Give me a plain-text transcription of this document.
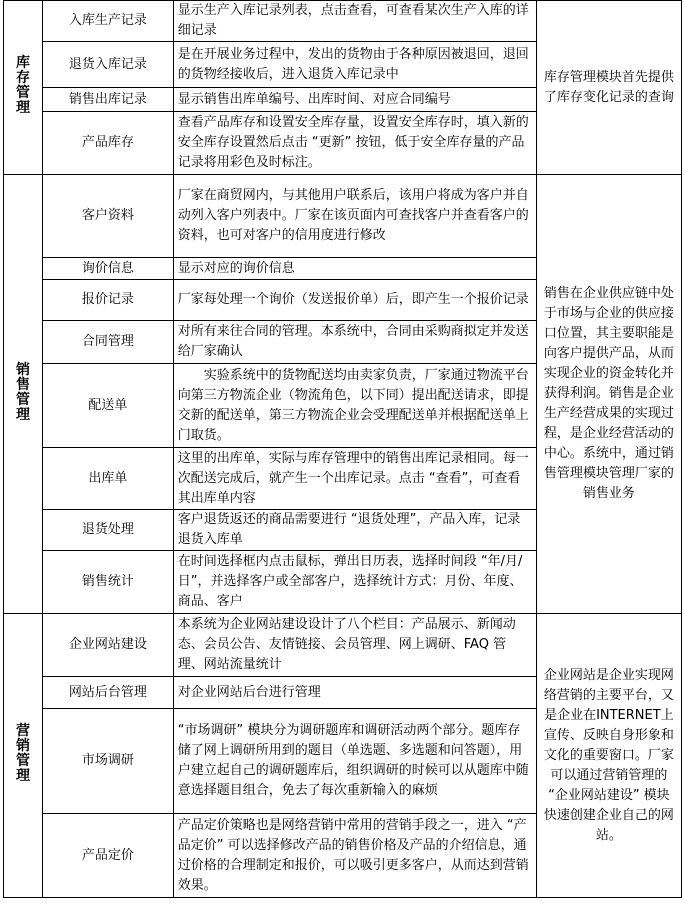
库存管理	入库生产记录	显示生产入库记录列表，点击查看，可查看某次生产入库的详细记录	库存管理模块首先提供了库存变化记录的查询
	退货入库记录	是在开展业务过程中，发出的货物由于各种原因被退回，退回的货物经接收后，进入退货入库记录中	
	销售出库记录	显示销售出库单编号、出库时间、对应合同编号	
	产品库存	查看产品库存和设置安全库存量，设置安全库存时，填入新的安全库存设置然后点击 “更新” 按钮，低于安全库存量的产品记录将用彩色及时标注。	
销售管理	客户资料	厂家在商贸网内，与其他用户联系后，该用户将成为客户并自动列入客户列表中。厂家在该页面内可查找客户并查看客户的资料，也可对客户的信用度进行修改	销售在企业供应链中处于市场与企业的供应接口位置，其主要职能是向客户提供产品，从而实现企业的资金转化并获得利润。销售是企业生产经营成果的实现过程，是企业经营活动的中心。系统中，通过销售管理模块管理厂家的销售业务
	询价信息	显示对应的询价信息	
	报价记录	厂家每处理一个询价（发送报价单）后，即产生一个报价记录	
	合同管理	对所有来往合同的管理。本系统中，合同由采购商拟定并发送给厂家确认	
	配送单	　　实验系统中的货物配送均由卖家负责，厂家通过物流平台向第三方物流企业（物流角色，以下同）提出配送请求，即提交新的配送单，第三方物流企业会受理配送单并根据配送单上门取货。	
	出库单	这里的出库单，实际与库存管理中的销售出库记录相同。每一次配送完成后，就产生一个出库记录。点击 “查看”，可查看其出库单内容	
	退货处理	客户退货返还的商品需要进行 “退货处理”，产品入库，记录退货入库单	
	销售统计	在时间选择框内点击鼠标，弹出日历表，选择时间段 “年/月/日”，并选择客户或全部客户，选择统计方式：月份、年度、商品、客户	
营销管理	企业网站建设	本系统为企业网站建设设计了八个栏目：产品展示、新闻动态、会员公告、友情链接、会员管理、网上调研、FAQ 管理、网站流量统计	企业网站是企业实现网络营销的主要平台，又是企业在INTERNET上宣传、反映自身形象和文化的重要窗口。厂家可以通过营销管理的 “企业网站建设” 模块快速创建企业自己的网站。
	网站后台管理	对企业网站后台进行管理	
	市场调研	“市场调研” 模块分为调研题库和调研活动两个部分。题库存储了网上调研所用到的题目（单选题、多选题和问答题），用户建立起自己的调研题库后，组织调研的时候可以从题库中随意选择题目组合，免去了每次重新输入的麻烦	
	产品定价	产品定价策略也是网络营销中常用的营销手段之一，进入 “产品定价” 可以选择修改产品的销售价格及产品的介绍信息，通过价格的合理制定和报价，可以吸引更多客户，从而达到营销效果。	
